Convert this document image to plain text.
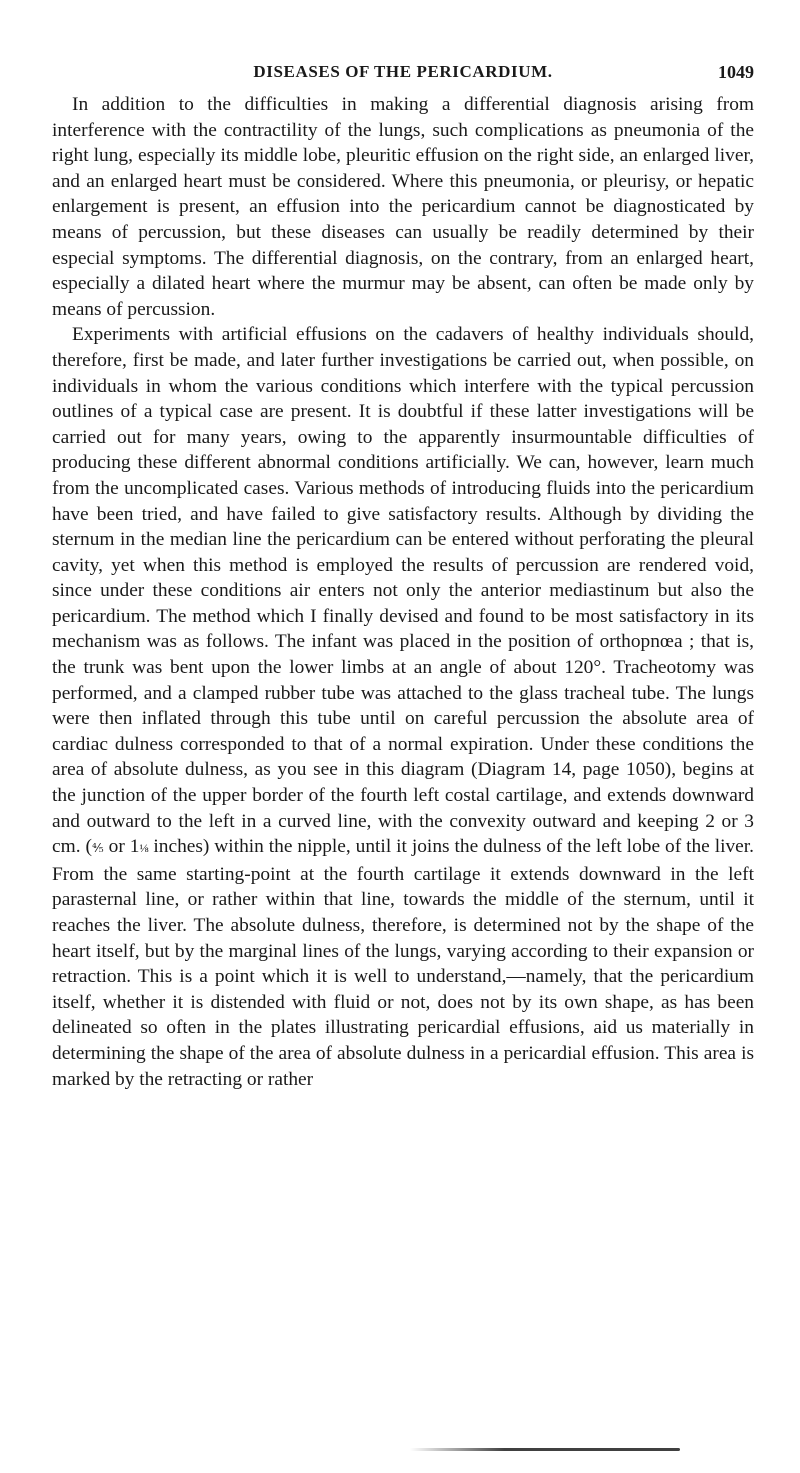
DISEASES OF THE PERICARDIUM.	1049

In addition to the difficulties in making a differential diagnosis arising from interference with the contractility of the lungs, such complications as pneumonia of the right lung, especially its middle lobe, pleuritic effusion on the right side, an enlarged liver, and an enlarged heart must be considered. Where this pneumonia, or pleurisy, or hepatic enlargement is present, an effusion into the pericardium cannot be diagnosticated by means of percussion, but these diseases can usually be readily determined by their especial symptoms. The differential diagnosis, on the contrary, from an enlarged heart, especially a dilated heart where the murmur may be absent, can often be made only by means of percussion.

Experiments with artificial effusions on the cadavers of healthy individuals should, therefore, first be made, and later further investigations be carried out, when possible, on individuals in whom the various conditions which interfere with the typical percussion outlines of a typical case are present. It is doubtful if these latter investigations will be carried out for many years, owing to the apparently insurmountable difficulties of producing these different abnormal conditions artificially. We can, however, learn much from the uncomplicated cases. Various methods of introducing fluids into the pericardium have been tried, and have failed to give satisfactory results. Although by dividing the sternum in the median line the pericardium can be entered without perforating the pleural cavity, yet when this method is employed the results of percussion are rendered void, since under these conditions air enters not only the anterior mediastinum but also the pericardium. The method which I finally devised and found to be most satisfactory in its mechanism was as follows. The infant was placed in the position of orthopnœa ; that is, the trunk was bent upon the lower limbs at an angle of about 120°. Tracheotomy was performed, and a clamped rubber tube was attached to the glass tracheal tube. The lungs were then inflated through this tube until on careful percussion the absolute area of cardiac dulness corresponded to that of a normal expiration. Under these conditions the area of absolute dulness, as you see in this diagram (Diagram 14, page 1050), begins at the junction of the upper border of the fourth left costal cartilage, and extends downward and outward to the left in a curved line, with the convexity outward and keeping 2 or 3 cm. (⅘ or 1⅛ inches) within the nipple, until it joins the dulness of the left lobe of the liver. From the same starting-point at the fourth cartilage it extends downward in the left parasternal line, or rather within that line, towards the middle of the sternum, until it reaches the liver. The absolute dulness, therefore, is determined not by the shape of the heart itself, but by the marginal lines of the lungs, varying according to their expansion or retraction. This is a point which it is well to understand,—namely, that the pericardium itself, whether it is distended with fluid or not, does not by its own shape, as has been delineated so often in the plates illustrating pericardial effusions, aid us materially in determining the shape of the area of absolute dulness in a pericardial effusion. This area is marked by the retracting or rather
